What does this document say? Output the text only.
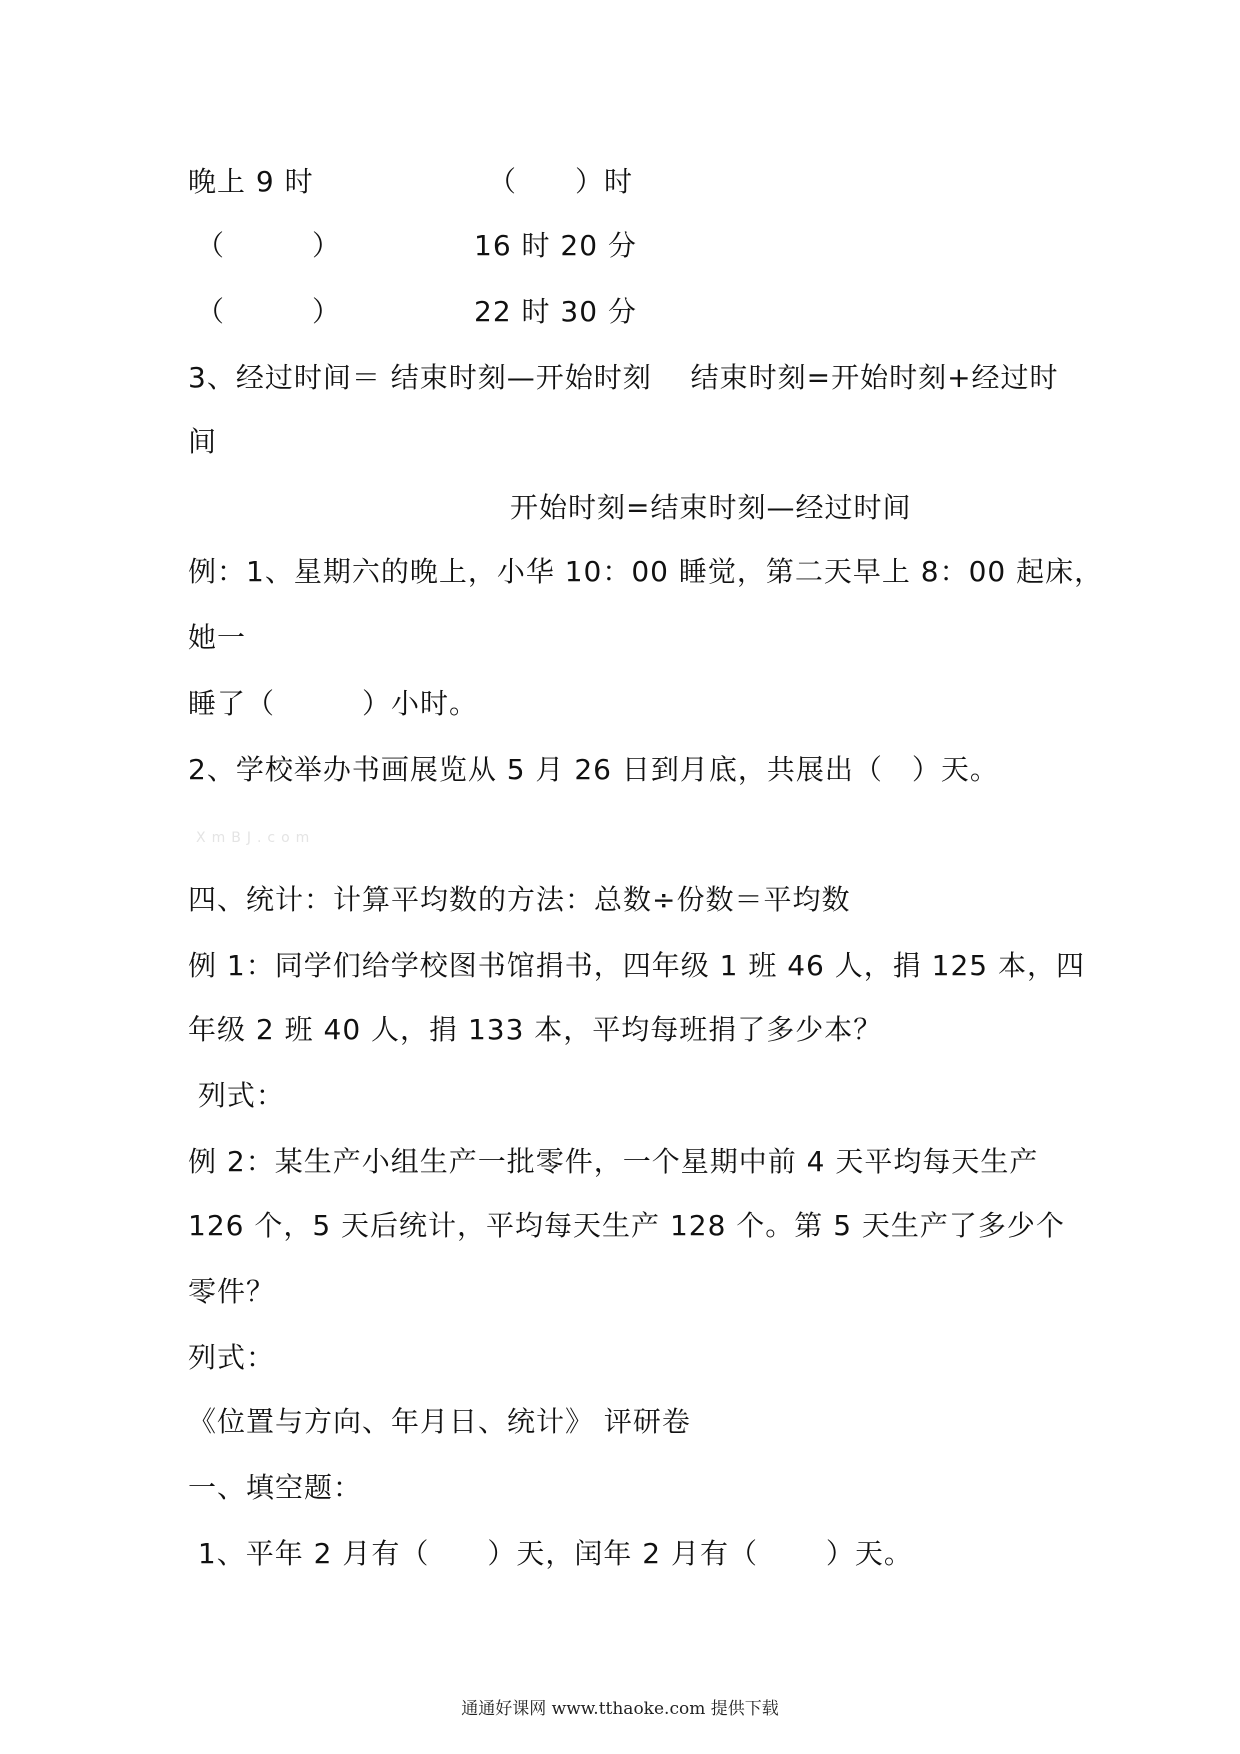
晚上 9 时	（　　）时

（　　　）	16 时 20 分

（　　　）	22 时 30 分

3、经过时间＝ 结束时刻—开始时刻　 结束时刻=开始时刻+经过时

间

开始时刻=结束时刻—经过时间

例：1、星期六的晚上，小华 10：00 睡觉，第二天早上 8：00 起床，

她一

睡了（　　　）小时。

2、学校举办书画展览从 5 月 26 日到月底，共展出（　）天。

XmBJ.com

四、统计：计算平均数的方法：总数÷份数＝平均数

例 1：同学们给学校图书馆捐书，四年级 1 班 46 人，捐 125 本，四

年级 2 班 40 人，捐 133 本，平均每班捐了多少本？

列式：

例 2：某生产小组生产一批零件，一个星期中前 4 天平均每天生产

126 个，5 天后统计，平均每天生产 128 个。第 5 天生产了多少个

零件？

列式：

《位置与方向、年月日、统计》 评研卷

一、填空题：

1、平年 2 月有（　　）天，闰年 2 月有（　　 ）天。

通通好课网 www.tthaoke.com 提供下载
